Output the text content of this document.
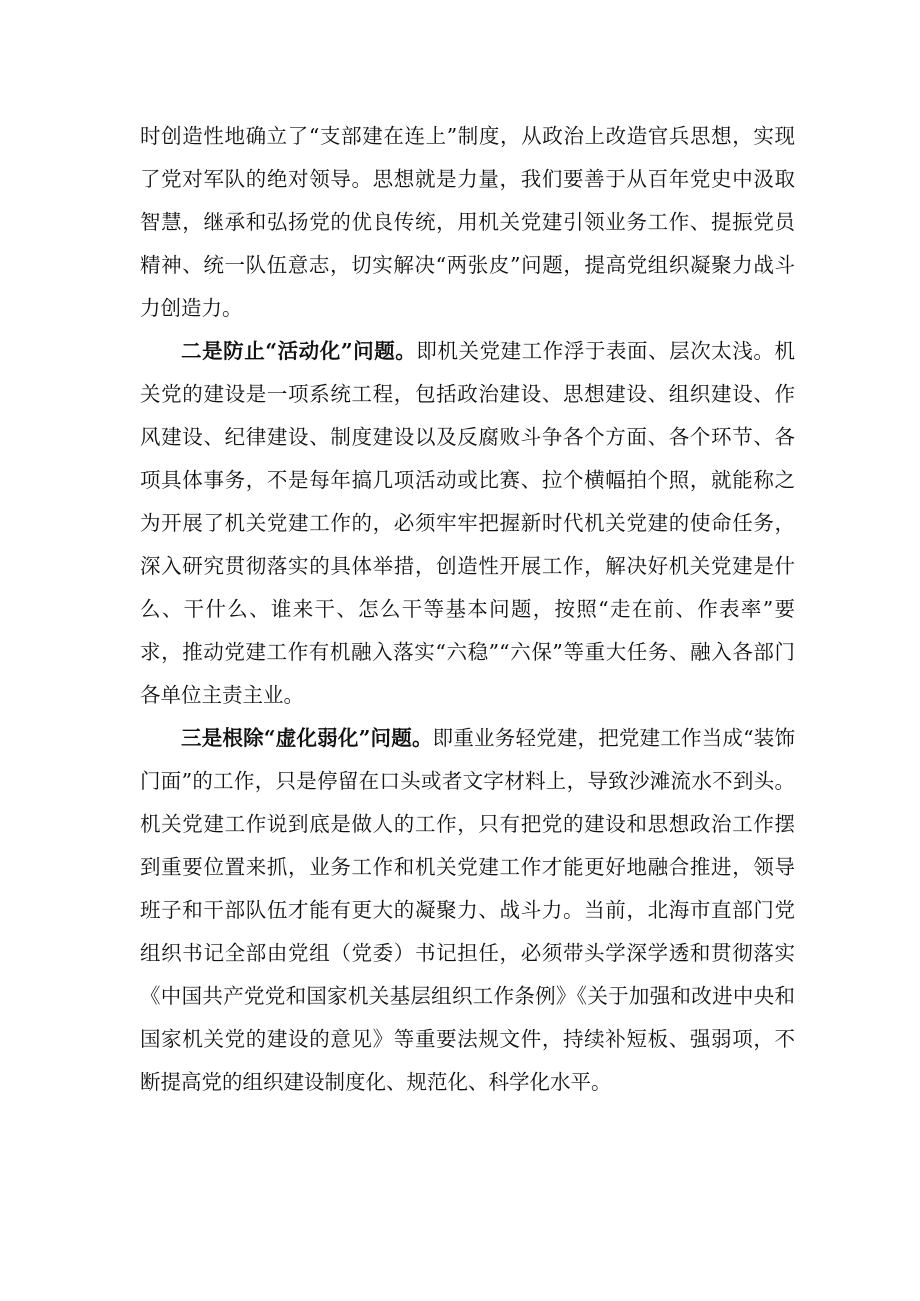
时创造性地确立了“支部建在连上”制度，从政治上改造官兵思想，实现了党对军队的绝对领导。思想就是力量，我们要善于从百年党史中汲取智慧，继承和弘扬党的优良传统，用机关党建引领业务工作、提振党员精神、统一队伍意志，切实解决“两张皮”问题，提高党组织凝聚力战斗力创造力。

二是防止“活动化”问题。即机关党建工作浮于表面、层次太浅。机关党的建设是一项系统工程，包括政治建设、思想建设、组织建设、作风建设、纪律建设、制度建设以及反腐败斗争各个方面、各个环节、各项具体事务，不是每年搞几项活动或比赛、拉个横幅拍个照，就能称之为开展了机关党建工作的，必须牢牢把握新时代机关党建的使命任务，深入研究贯彻落实的具体举措，创造性开展工作，解决好机关党建是什么、干什么、谁来干、怎么干等基本问题，按照“走在前、作表率”要求，推动党建工作有机融入落实“六稳”“六保”等重大任务、融入各部门各单位主责主业。

三是根除“虚化弱化”问题。即重业务轻党建，把党建工作当成“装饰门面”的工作，只是停留在口头或者文字材料上，导致沙滩流水不到头。机关党建工作说到底是做人的工作，只有把党的建设和思想政治工作摆到重要位置来抓，业务工作和机关党建工作才能更好地融合推进，领导班子和干部队伍才能有更大的凝聚力、战斗力。当前，北海市直部门党组织书记全部由党组（党委）书记担任，必须带头学深学透和贯彻落实《中国共产党党和国家机关基层组织工作条例》《关于加强和改进中央和国家机关党的建设的意见》等重要法规文件，持续补短板、强弱项，不断提高党的组织建设制度化、规范化、科学化水平。
